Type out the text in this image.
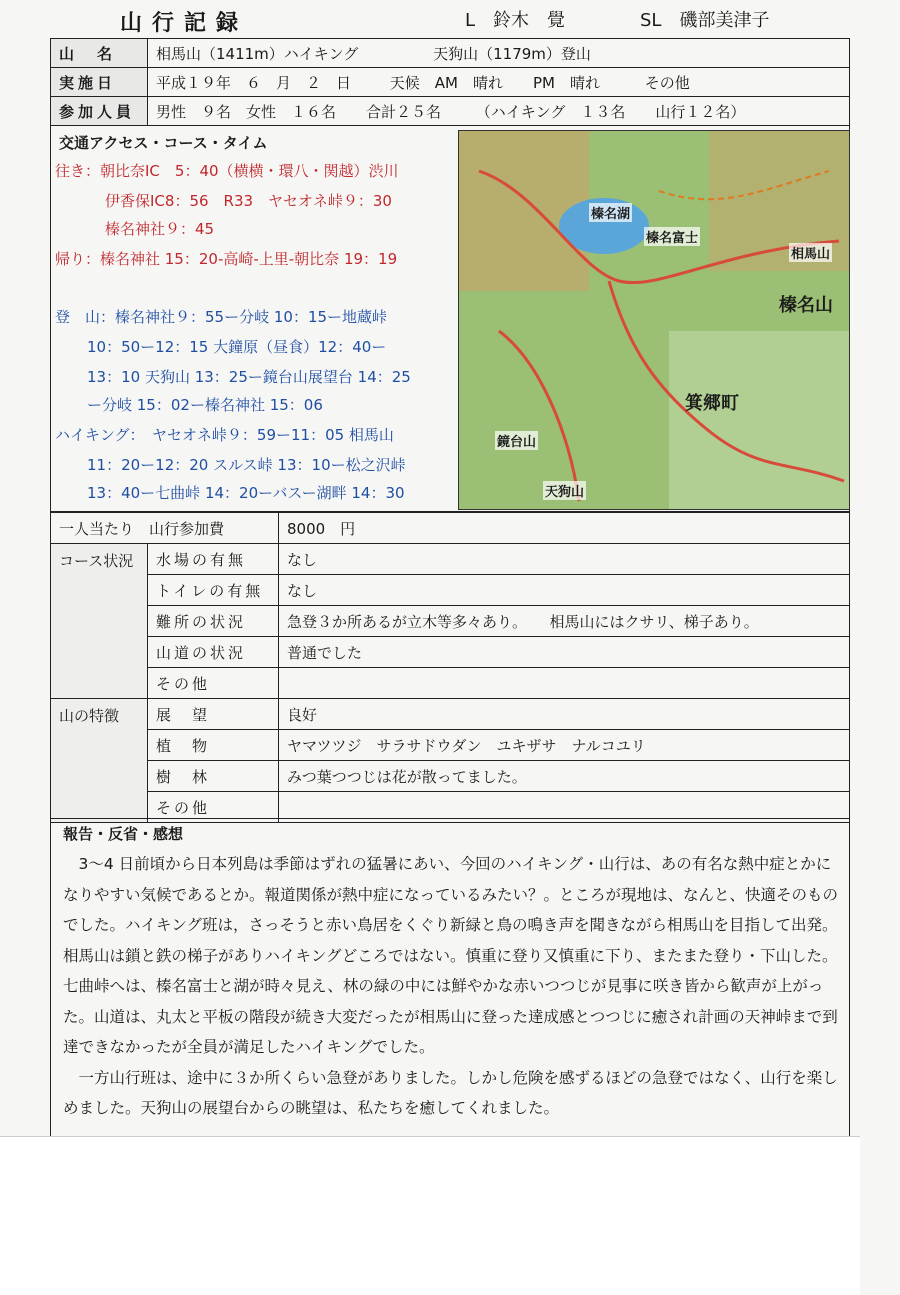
山行記録	L　鈴木　覺	SL　磯部美津子
山　名	相馬山（1411m）ハイキング 天狗山（1179m）登山
実施日	平成１９年　６　月　２　日 天候　AM　晴れ　　PM　晴れ その他
参加人員	男性　９名　女性　１６名　　合計２５名 （ハイキング　１３名　　山行１２名）
交通アクセス・コース・タイム
往き：朝比奈IC　5：40（横横・環八・関越）渋川
伊香保IC8：56　R33　ヤセオネ峠９：30
榛名神社９：45
帰り：榛名神社 15：20-高崎-上里-朝比奈 19：19
登　山：榛名神社９：55ー分岐 10：15ー地蔵峠
10：50ー12：15 大鐘原（昼食）12：40ー
13：10 天狗山 13：25ー鏡台山展望台 14：25
ー分岐 15：02ー榛名神社 15：06
ハイキング：　ヤセオネ峠９：59ー11：05 相馬山
11：20ー12：20 スルス峠 13：10ー松之沢峠
13：40ー七曲峠 14：20ーバスー湖畔 14：30
榛名湖
榛名富士
相馬山
榛名山
箕郷町
天狗山
鏡台山
一人当たり　山行参加費		8000　円
コース状況	水場の有無	なし
	トイレの有無	なし
	難所の状況	急登３か所あるが立木等多々あり。　　相馬山にはクサリ、梯子あり。
	山道の状況	普通でした
	その他	
山の特徴	展　望	良好
	植　物	ヤマツツジ　サラサドウダン　ユキザサ　ナルコユリ
	樹　林	みつ葉つつじは花が散ってました。
	その他	
報告・反省・感想

3～4 日前頃から日本列島は季節はずれの猛暑にあい、今回のハイキング・山行は、あの有名な熱中症とかになりやすい気候であるとか。報道関係が熱中症になっているみたい？。ところが現地は、なんと、快適そのものでした。ハイキング班は，さっそうと赤い鳥居をくぐり新緑と鳥の鳴き声を聞きながら相馬山を目指して出発。相馬山は鎖と鉄の梯子がありハイキングどころではない。慎重に登り又慎重に下り、またまた登り・下山した。七曲峠へは、榛名富士と湖が時々見え、林の緑の中には鮮やかな赤いつつじが見事に咲き皆から歓声が上がった。山道は、丸太と平板の階段が続き大変だったが相馬山に登った達成感とつつじに癒され計画の天神峠まで到達できなかったが全員が満足したハイキングでした。

一方山行班は、途中に３か所くらい急登がありました。しかし危険を感ずるほどの急登ではなく、山行を楽しめました。天狗山の展望台からの眺望は、私たちを癒してくれました。
